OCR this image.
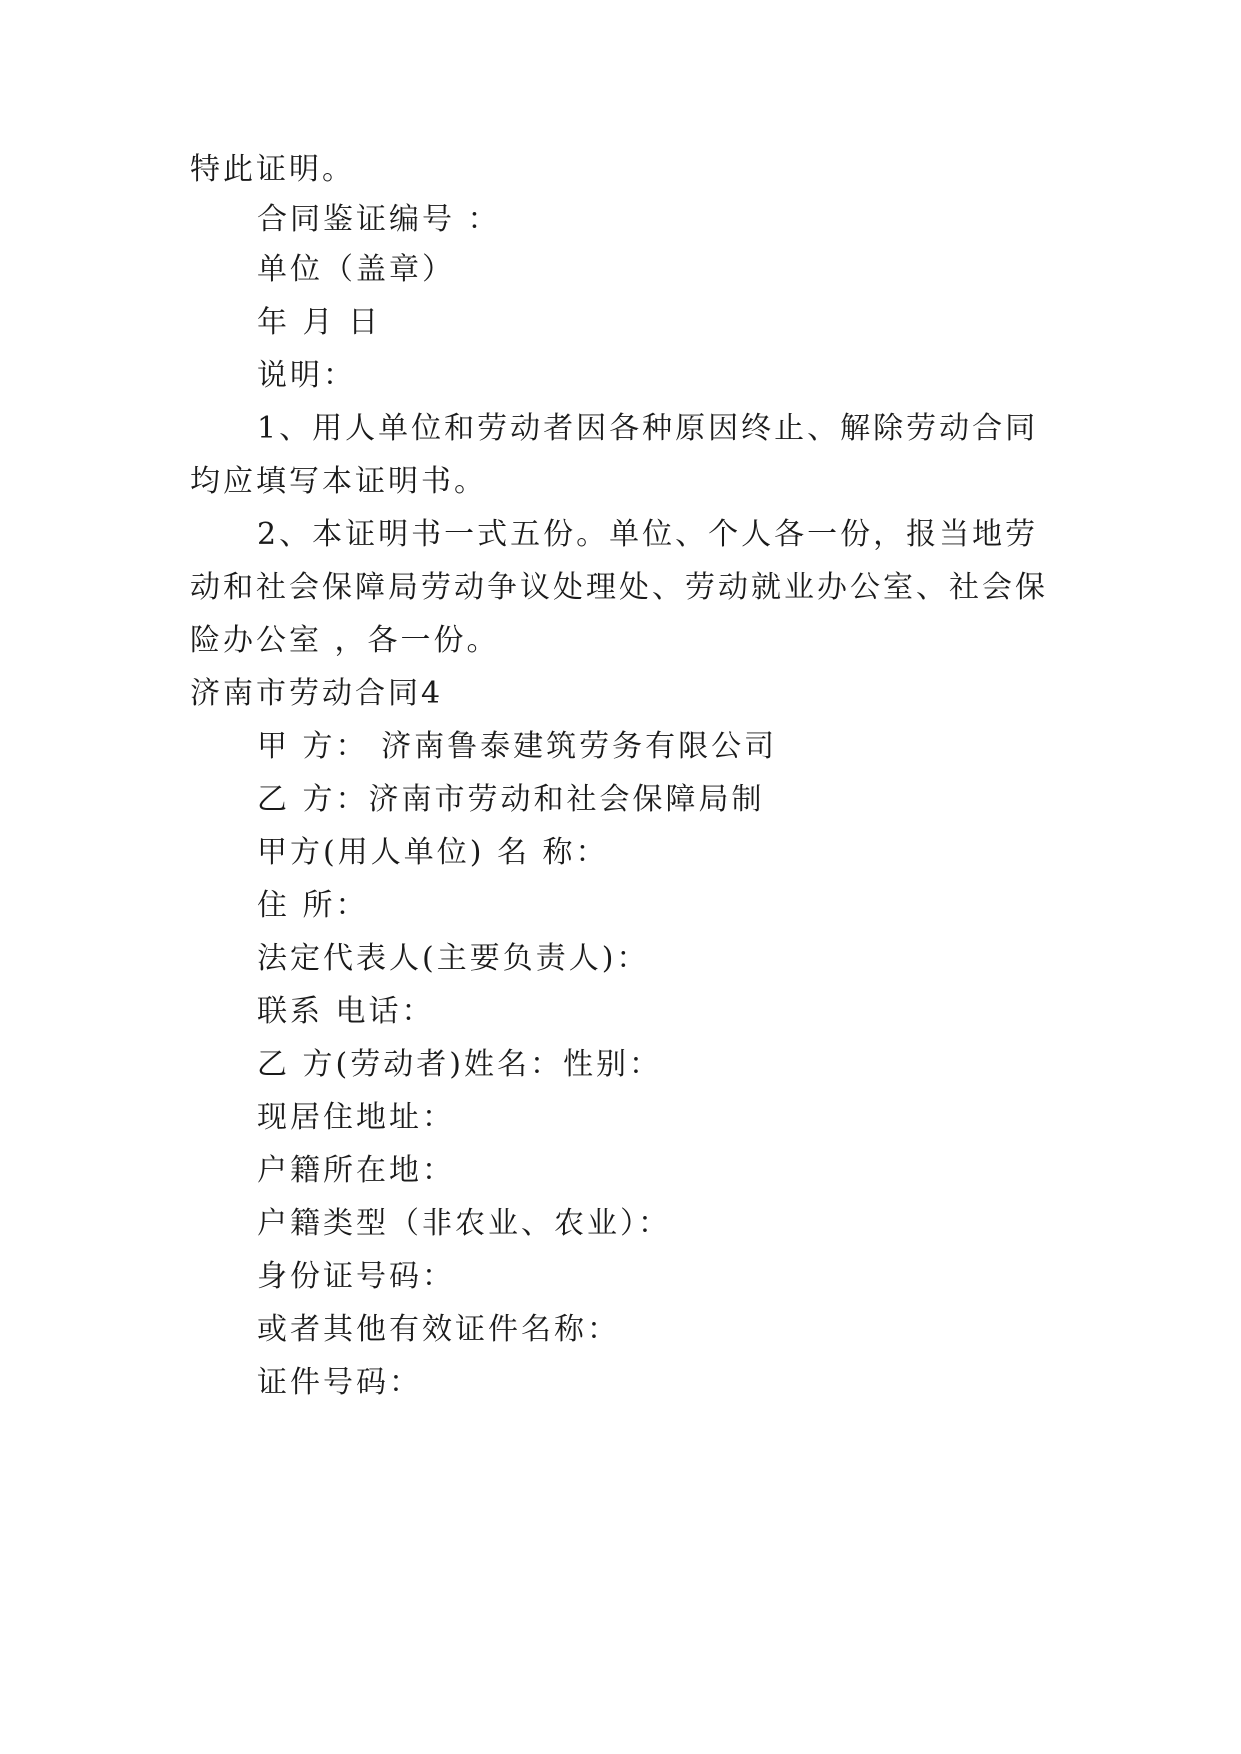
特此证明。
合同鉴证编号 ：
单位（盖章）
年 月 日
说明：
1、用人单位和劳动者因各种原因终止、解除劳动合同
均应填写本证明书。
2、本证明书一式五份。单位、个人各一份，报当地劳
动和社会保障局劳动争议处理处、劳动就业办公室、社会保
险办公室 ，各一份。
济南市劳动合同4
甲 方： 济南鲁泰建筑劳务有限公司
乙 方：济南市劳动和社会保障局制
甲方(用人单位) 名 称：
住 所：
法定代表人(主要负责人)：
联系 电话：
乙 方(劳动者)姓名：性别：
现居住地址：
户籍所在地：
户籍类型（非农业、农业）：
身份证号码：
或者其他有效证件名称：
证件号码：
